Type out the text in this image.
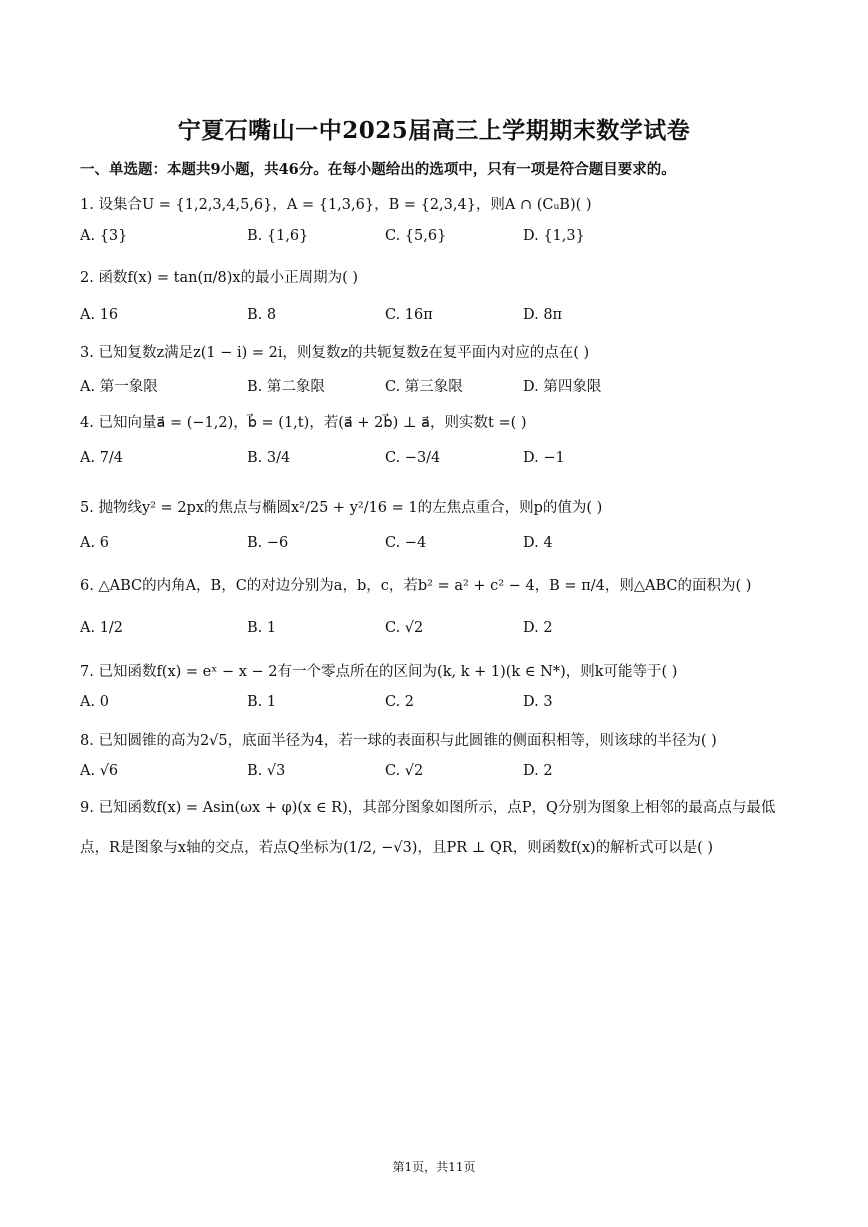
宁夏石嘴山一中2025届高三上学期期末数学试卷
一、单选题：本题共9小题，共46分。在每小题给出的选项中，只有一项是符合题目要求的。
1. 设集合U = {1,2,3,4,5,6}，A = {1,3,6}，B = {2,3,4}，则A ∩ (CᵤB)( )
A. {3}	B. {1,6}	C. {5,6}	D. {1,3}
2. 函数f(x) = tan(π/8)x的最小正周期为( )
A. 16	B. 8	C. 16π	D. 8π
3. 已知复数z满足z(1 − i) = 2i，则复数z的共轭复数z̄在复平面内对应的点在( )
A. 第一象限	B. 第二象限	C. 第三象限	D. 第四象限
4. 已知向量a⃗ = (−1,2)，b⃗ = (1,t)，若(a⃗ + 2b⃗) ⊥ a⃗，则实数t =( )
A. 7/4	B. 3/4	C. −3/4	D. −1
5. 抛物线y² = 2px的焦点与椭圆x²/25 + y²/16 = 1的左焦点重合，则p的值为( )
A. 6	B. −6	C. −4	D. 4
6. △ABC的内角A，B，C的对边分别为a，b，c，若b² = a² + c² − 4，B = π/4，则△ABC的面积为( )
A. 1/2	B. 1	C. √2	D. 2
7. 已知函数f(x) = eˣ − x − 2有一个零点所在的区间为(k, k + 1)(k ∈ N*)，则k可能等于( )
A. 0	B. 1	C. 2	D. 3
8. 已知圆锥的高为2√5，底面半径为4，若一球的表面积与此圆锥的侧面积相等，则该球的半径为( )
A. √6	B. √3	C. √2	D. 2
9. 已知函数f(x) = Asin(ωx + φ)(x ∈ R)，其部分图象如图所示，点P，Q分别为图象上相邻的最高点与最低
点，R是图象与x轴的交点，若点Q坐标为(1/2, −√3)，且PR ⊥ QR，则函数f(x)的解析式可以是( )
第1页，共11页
